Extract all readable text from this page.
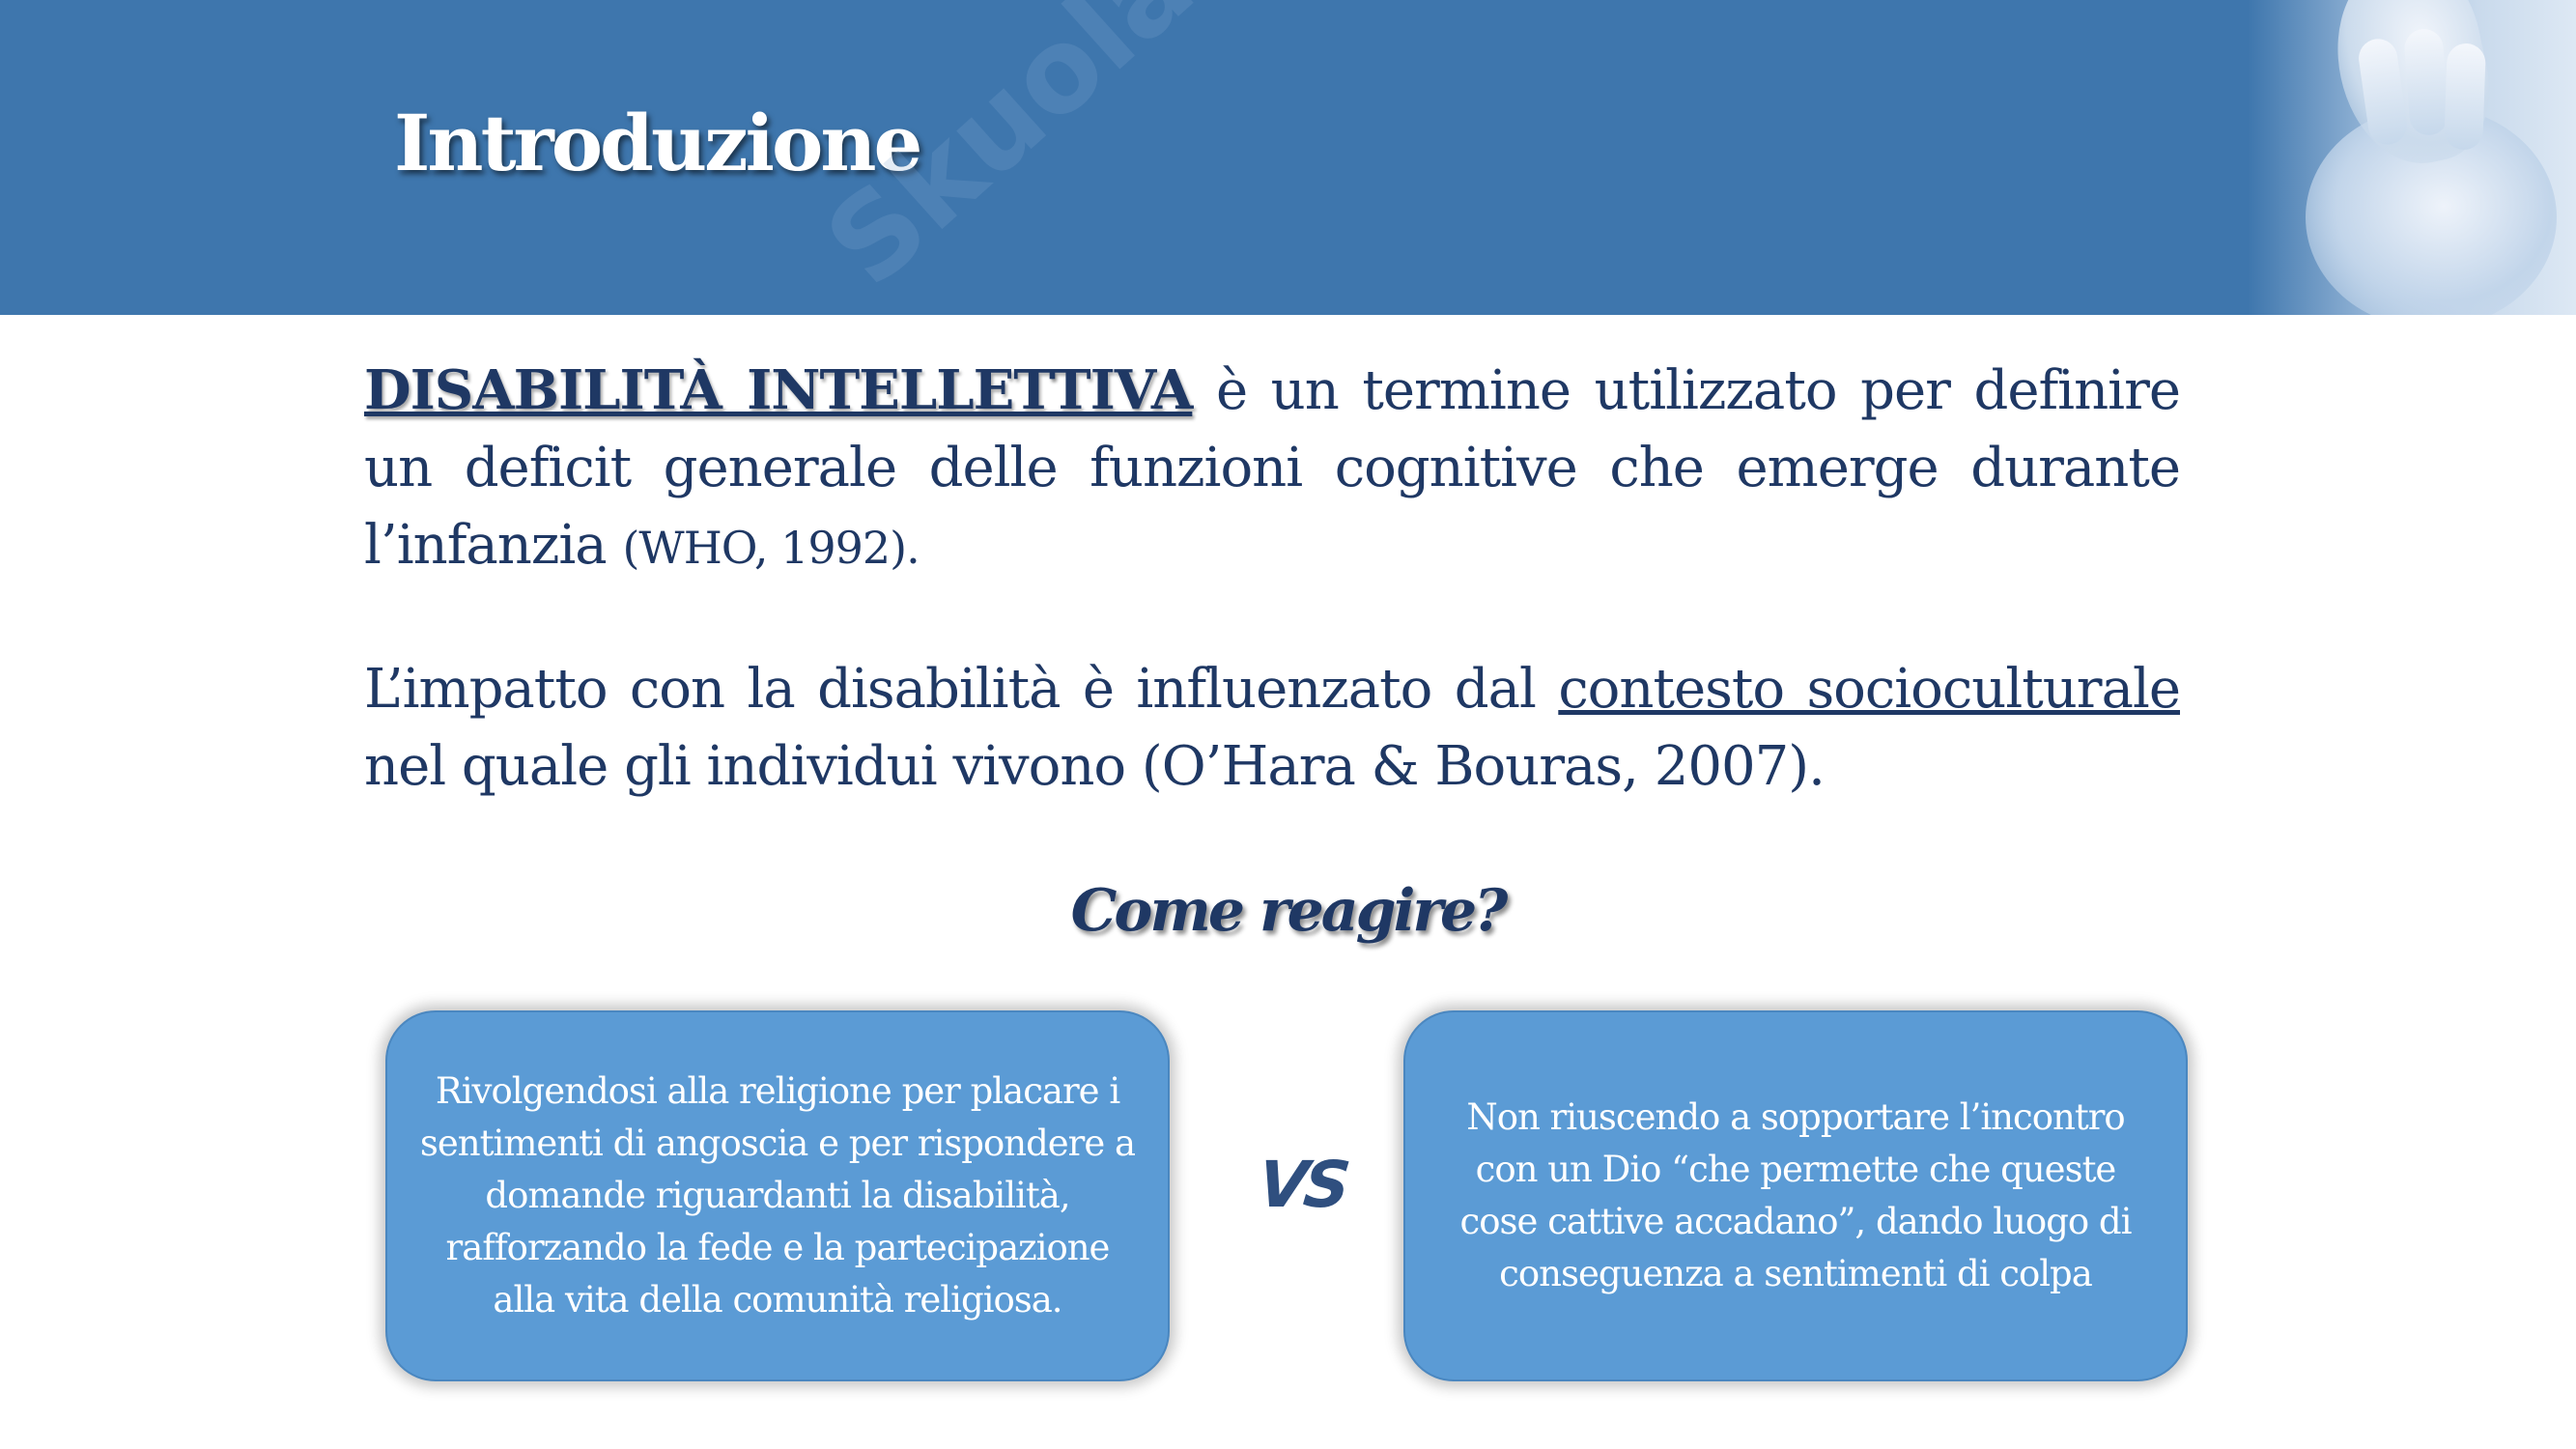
Introduzione

DISABILITÀ INTELLETTIVA è un termine utilizzato per definire un deficit generale delle funzioni cognitive che emerge durante l’infanzia (WHO, 1992).

L’impatto con la disabilità è influenzato dal contesto socioculturale nel quale gli individui vivono (O’Hara & Bouras, 2007).

Come reagire?
Rivolgendosi alla religione per placare i sentimenti di angoscia e per rispondere a domande riguardanti la disabilità, rafforzando la fede e la partecipazione alla vita della comunità religiosa.
VS
Non riuscendo a sopportare l’incontro con un Dio “che permette che queste cose cattive accadano”, dando luogo di conseguenza a sentimenti di colpa
